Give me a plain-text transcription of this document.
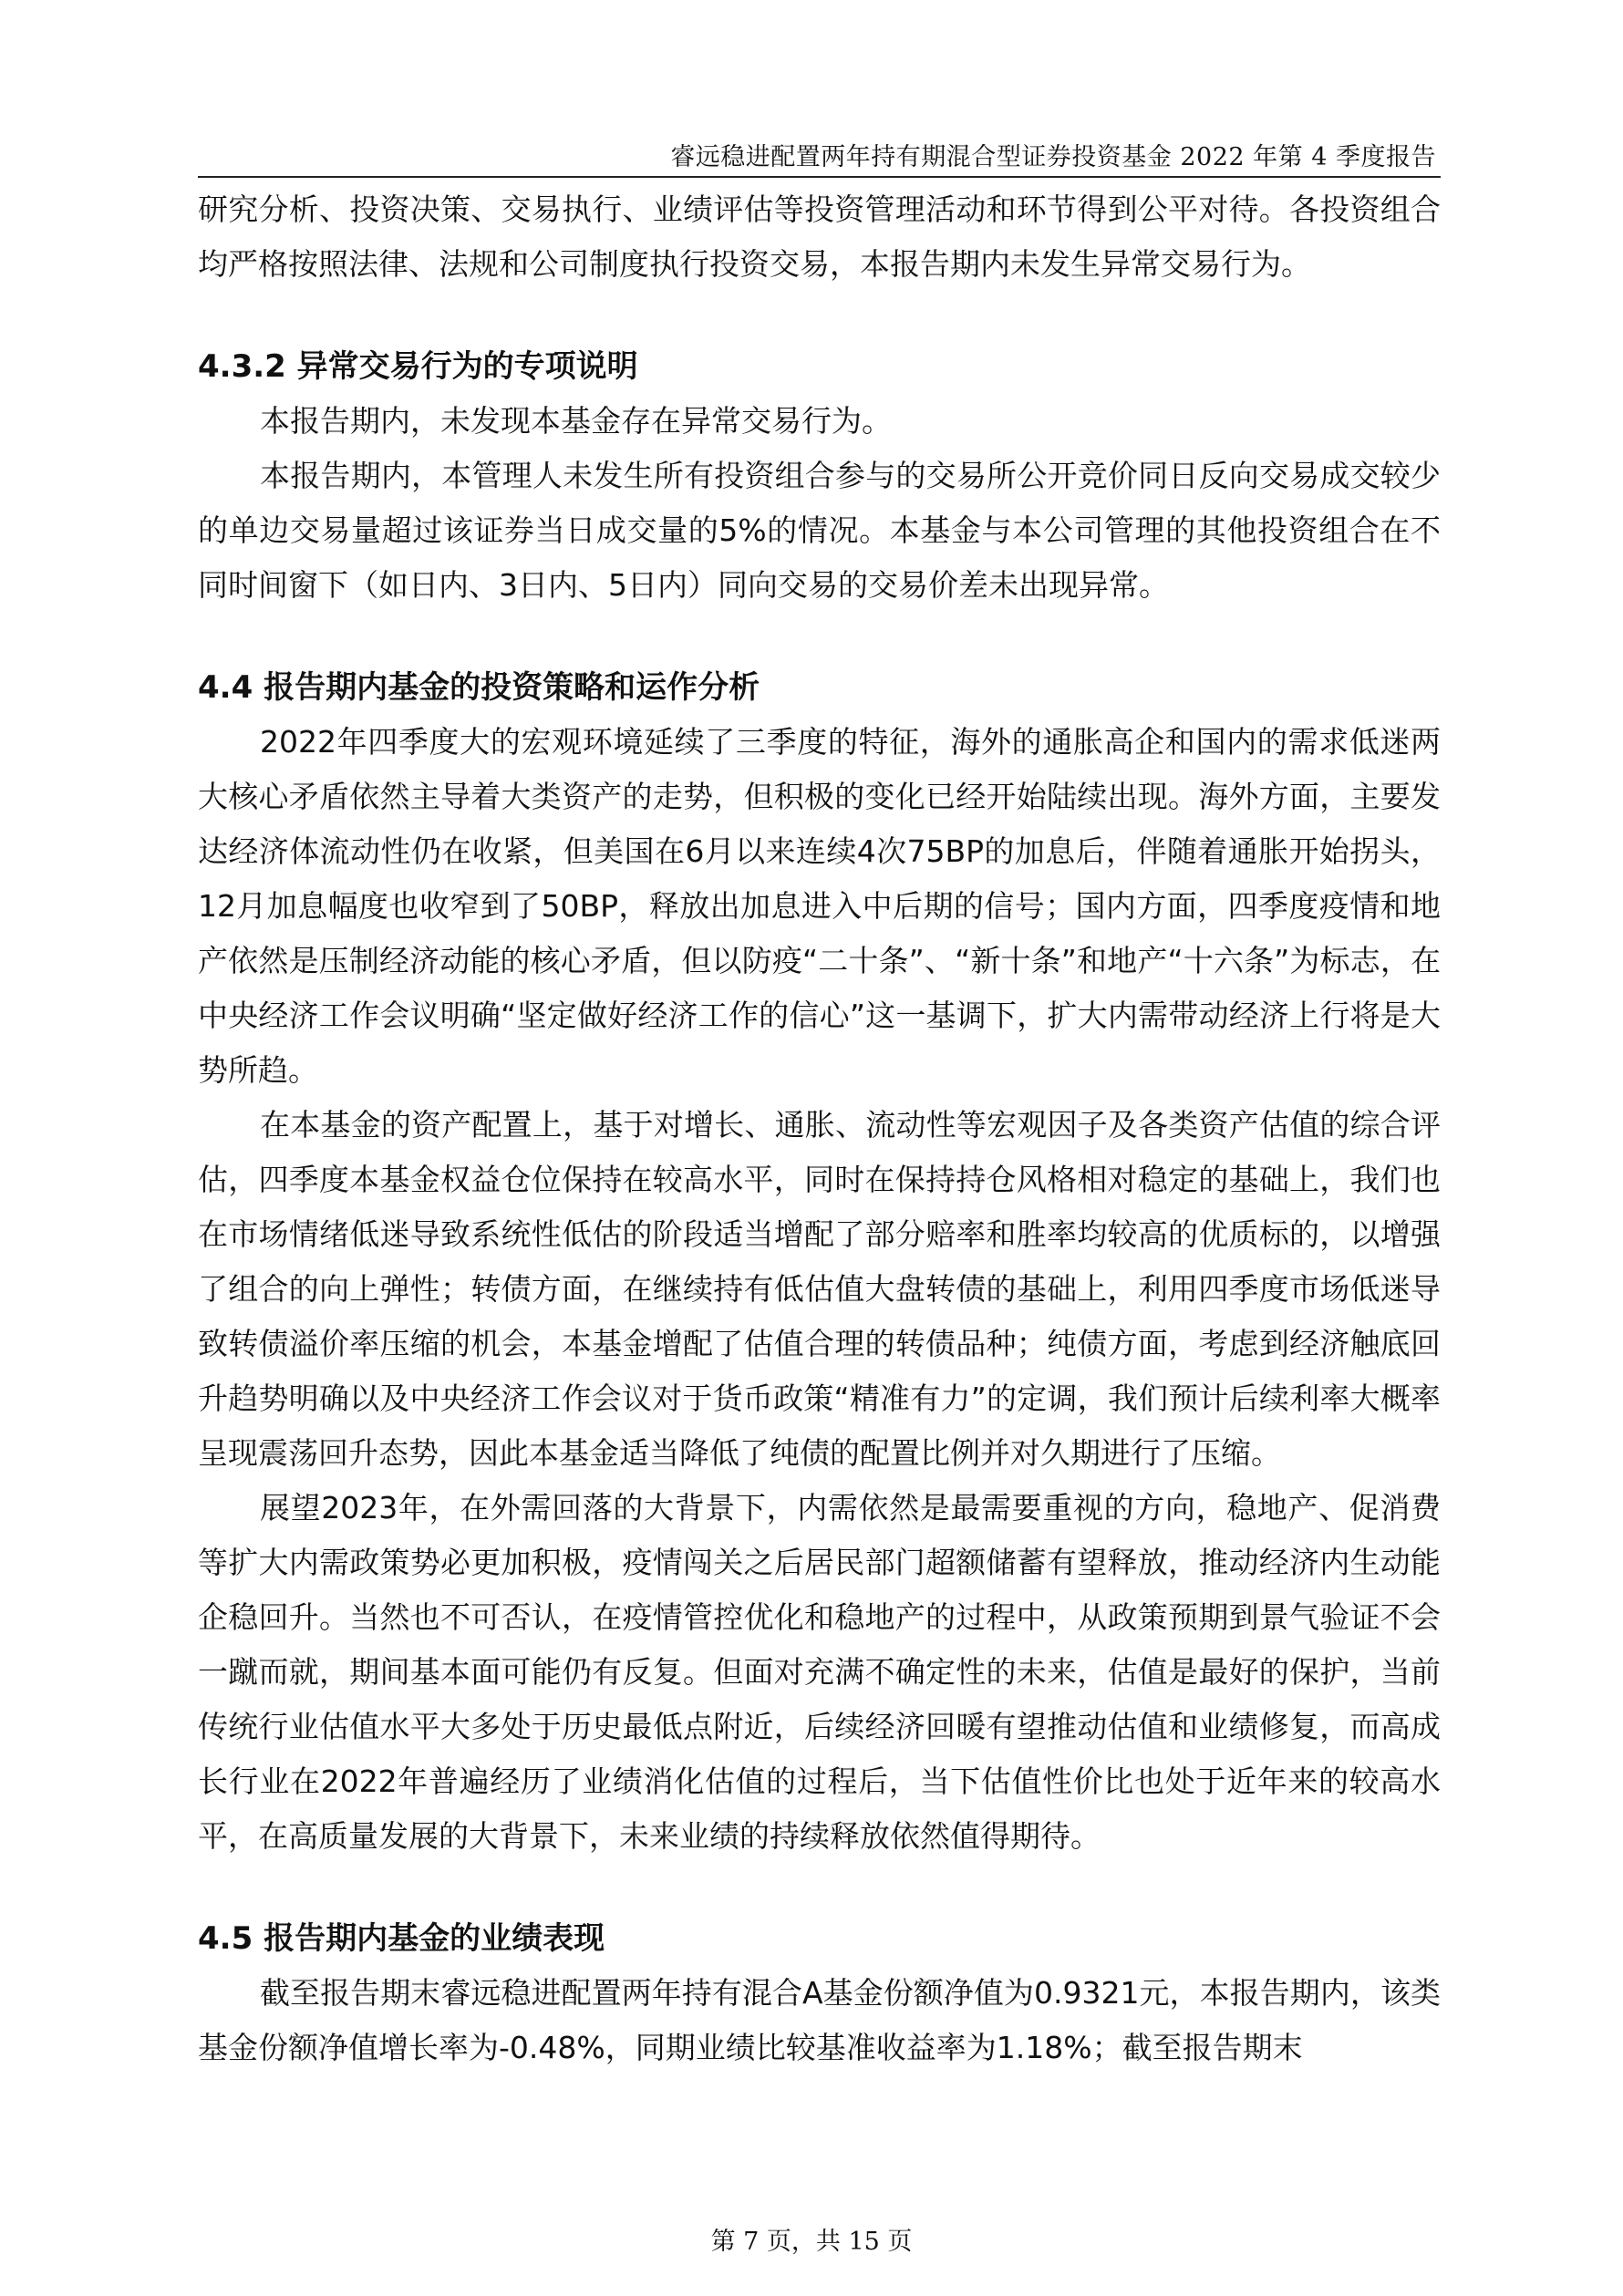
睿远稳进配置两年持有期混合型证券投资基金 2022 年第 4 季度报告

研究分析、投资决策、交易执行、业绩评估等投资管理活动和环节得到公平对待。各投资组合均严格按照法律、法规和公司制度执行投资交易，本报告期内未发生异常交易行为。

4.3.2 异常交易行为的专项说明

本报告期内，未发现本基金存在异常交易行为。

本报告期内，本管理人未发生所有投资组合参与的交易所公开竞价同日反向交易成交较少的单边交易量超过该证券当日成交量的5%的情况。本基金与本公司管理的其他投资组合在不同时间窗下（如日内、3日内、5日内）同向交易的交易价差未出现异常。

4.4 报告期内基金的投资策略和运作分析

2022年四季度大的宏观环境延续了三季度的特征，海外的通胀高企和国内的需求低迷两大核心矛盾依然主导着大类资产的走势，但积极的变化已经开始陆续出现。海外方面，主要发达经济体流动性仍在收紧，但美国在6月以来连续4次75BP的加息后，伴随着通胀开始拐头，12月加息幅度也收窄到了50BP，释放出加息进入中后期的信号；国内方面，四季度疫情和地产依然是压制经济动能的核心矛盾，但以防疫“二十条”、“新十条”和地产“十六条”为标志，在中央经济工作会议明确“坚定做好经济工作的信心”这一基调下，扩大内需带动经济上行将是大势所趋。

在本基金的资产配置上，基于对增长、通胀、流动性等宏观因子及各类资产估值的综合评估，四季度本基金权益仓位保持在较高水平，同时在保持持仓风格相对稳定的基础上，我们也在市场情绪低迷导致系统性低估的阶段适当增配了部分赔率和胜率均较高的优质标的，以增强了组合的向上弹性；转债方面，在继续持有低估值大盘转债的基础上，利用四季度市场低迷导致转债溢价率压缩的机会，本基金增配了估值合理的转债品种；纯债方面，考虑到经济触底回升趋势明确以及中央经济工作会议对于货币政策“精准有力”的定调，我们预计后续利率大概率呈现震荡回升态势，因此本基金适当降低了纯债的配置比例并对久期进行了压缩。

展望2023年，在外需回落的大背景下，内需依然是最需要重视的方向，稳地产、促消费等扩大内需政策势必更加积极，疫情闯关之后居民部门超额储蓄有望释放，推动经济内生动能企稳回升。当然也不可否认，在疫情管控优化和稳地产的过程中，从政策预期到景气验证不会一蹴而就，期间基本面可能仍有反复。但面对充满不确定性的未来，估值是最好的保护，当前传统行业估值水平大多处于历史最低点附近，后续经济回暖有望推动估值和业绩修复，而高成长行业在2022年普遍经历了业绩消化估值的过程后，当下估值性价比也处于近年来的较高水平，在高质量发展的大背景下，未来业绩的持续释放依然值得期待。

4.5 报告期内基金的业绩表现

截至报告期末睿远稳进配置两年持有混合A基金份额净值为0.9321元，本报告期内，该类基金份额净值增长率为-0.48%，同期业绩比较基准收益率为1.18%；截至报告期末

第 7 页，共 15 页
